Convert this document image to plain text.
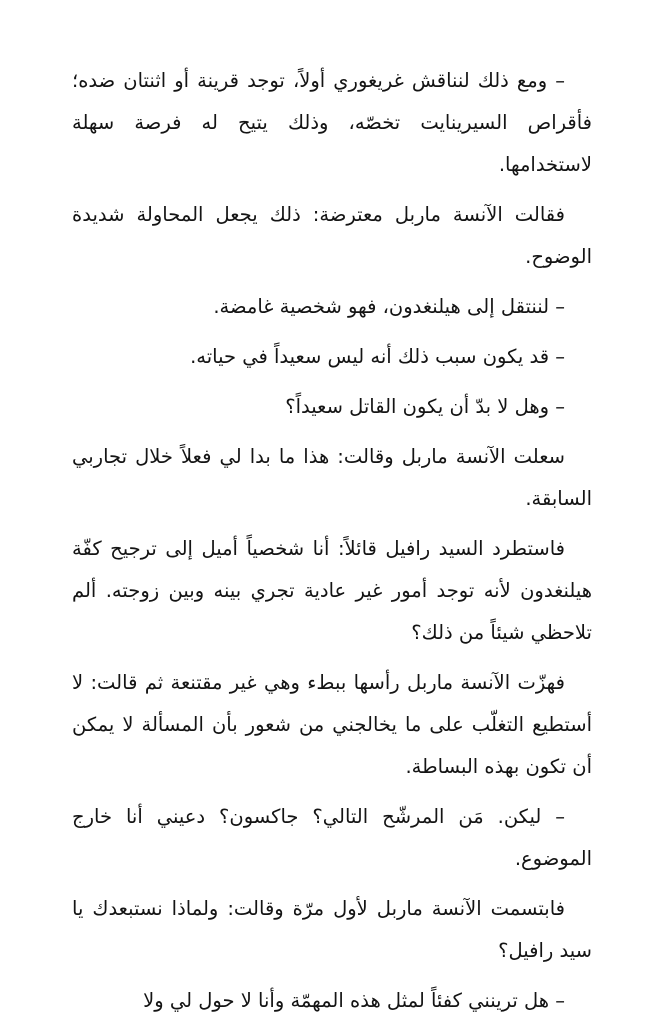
– ومع ذلك لنناقش غريغوري أولاً، توجد قرينة أو اثنتان ضده؛ فأقراص السيرينايت تخصّه، وذلك يتيح له فرصة سهلة لاستخدامها.

فقالت الآنسة ماربل معترضة: ذلك يجعل المحاولة شديدة الوضوح.

– لننتقل إلى هيلنغدون، فهو شخصية غامضة.

– قد يكون سبب ذلك أنه ليس سعيداً في حياته.

– وهل لا بدّ أن يكون القاتل سعيداً؟

سعلت الآنسة ماربل وقالت: هذا ما بدا لي فعلاً خلال تجاربي السابقة.

فاستطرد السيد رافيل قائلاً: أنا شخصياً أميل إلى ترجيح كفّة هيلنغدون لأنه توجد أمور غير عادية تجري بينه وبين زوجته. ألم تلاحظي شيئاً من ذلك؟

فهزّت الآنسة ماربل رأسها ببطء وهي غير مقتنعة ثم قالت: لا أستطيع التغلّب على ما يخالجني من شعور بأن المسألة لا يمكن أن تكون بهذه البساطة.

– ليكن. مَن المرشّح التالي؟ جاكسون؟ دعيني أنا خارج الموضوع.

فابتسمت الآنسة ماربل لأول مرّة وقالت: ولماذا نستبعدك يا سيد رافيل؟

– هل ترينني كفئاً لمثل هذه المهمّة وأنا لا حول لي ولا
